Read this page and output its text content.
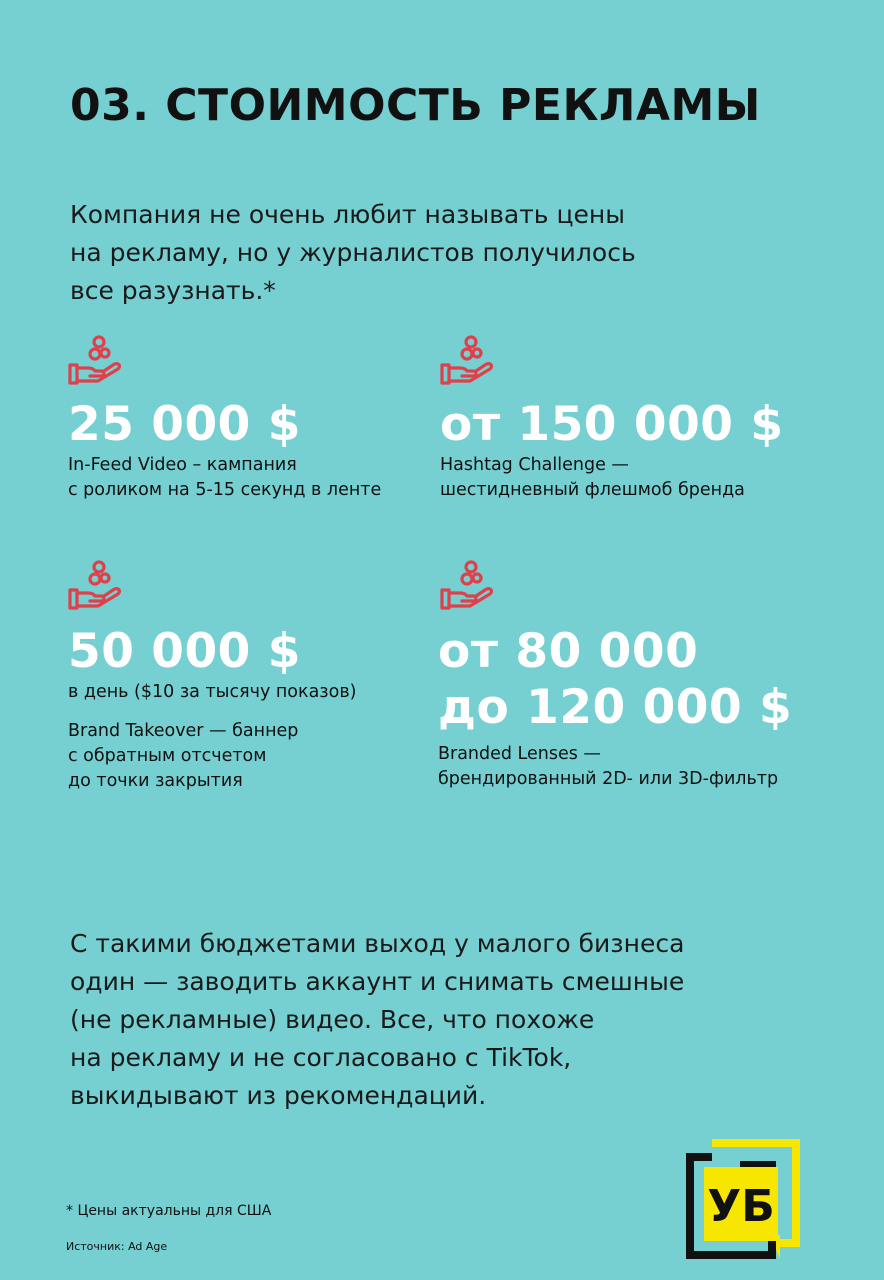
03. СТОИМОСТЬ РЕКЛАМЫ
Компания не очень любит называть цены
на рекламу, но у журналистов получилось
все разузнать.*
25 000 $
In-Feed Video – кампания
с роликом на 5-15 секунд в ленте
от 150 000 $
Hashtag Challenge —
шестидневный флешмоб бренда
50 000 $
в день ($10 за тысячу показов)
Brand Takeover — баннер
с обратным отсчетом
до точки закрытия
от 80 000
до 120 000 $
Branded Lenses —
брендированный 2D- или 3D-фильтр
С такими бюджетами выход у малого бизнеса
один — заводить аккаунт и снимать смешные
(не рекламные) видео. Все, что похоже
на рекламу и не согласовано с TikTok,
выкидывают из рекомендаций.
* Цены актуальны для США
Источник: Ad Age
УБ
